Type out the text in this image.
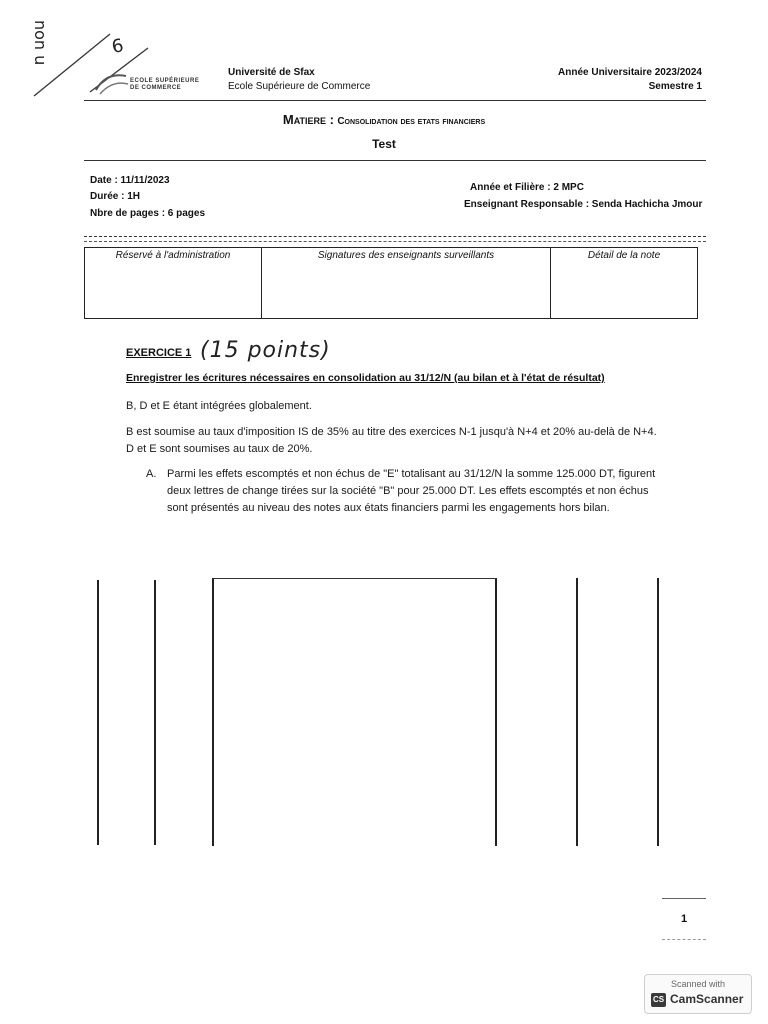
non u	6
ECOLE SUPÉRIEURE
DE COMMERCE
Université de Sfax
Ecole Supérieure de Commerce
Année Universitaire 2023/2024
Semestre 1
Matiere : Consolidation des etats financiers
Test
Date : 11/11/2023
Durée : 1H
Nbre de pages : 6 pages
Année et Filière : 2 MPC
Enseignant Responsable : Senda Hachicha Jmour
Réservé à l'administration	Signatures des enseignants surveillants	Détail de la note
EXERCICE 1 (15 points)
Enregistrer les écritures nécessaires en consolidation au 31/12/N (au bilan et à l'état de résultat)
B, D et E étant intégrées globalement.
B est soumise au taux d'imposition IS de 35% au titre des exercices N-1 jusqu'à N+4 et 20% au-delà de N+4. D et E sont soumises au taux de 20%.
A. Parmi les effets escomptés et non échus de "E" totalisant au 31/12/N la somme 125.000 DT, figurent deux lettres de change tirées sur la société "B" pour 25.000 DT. Les effets escomptés et non échus sont présentés au niveau des notes aux états financiers parmi les engagements hors bilan.
1
Scanned with
CS CamScanner
